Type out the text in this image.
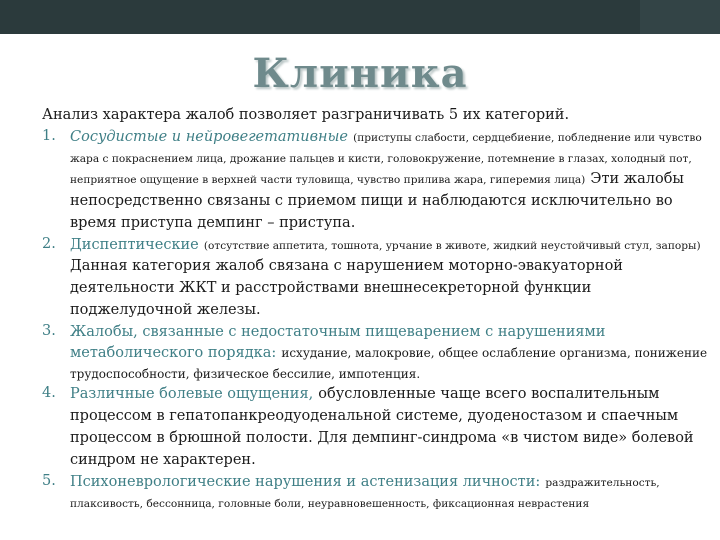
Клиника

Анализ характера жалоб позволяет разграничивать 5 их категорий.

1. Сосудистые и нейровегетативные (приступы слабости, сердцебиение, побледнение или чувство жара с покраснением лица, дрожание пальцев и кисти, головокружение, потемнение в глазах, холодный пот, неприятное ощущение в верхней части туловища, чувство прилива жара, гиперемия лица) Эти жалобы непосредственно связаны с приемом пищи и наблюдаются исключительно во время приступа демпинг – приступа.
2. Диспептические (отсутствие аппетита, тошнота, урчание в животе, жидкий неустойчивый стул, запоры) Данная категория жалоб связана с нарушением моторно-эвакуаторной деятельности ЖКТ и расстройствами внешнесекреторной функции поджелудочной железы.
3. Жалобы, связанные с недостаточным пищеварением с нарушениями метаболического порядка: исхудание, малокровие, общее ослабление организма, понижение трудоспособности, физическое бессилие, импотенция.
4. Различные болевые ощущения, обусловленные чаще всего воспалительным процессом в гепатопанкреодуоденальной системе, дуоденостазом и спаечным процессом в брюшной полости. Для демпинг-синдрома «в чистом виде» болевой синдром не характерен.
5. Психоневрологические нарушения и астенизация личности: раздражительность, плаксивость, бессонница, головные боли, неуравновешенность, фиксационная неврастения
